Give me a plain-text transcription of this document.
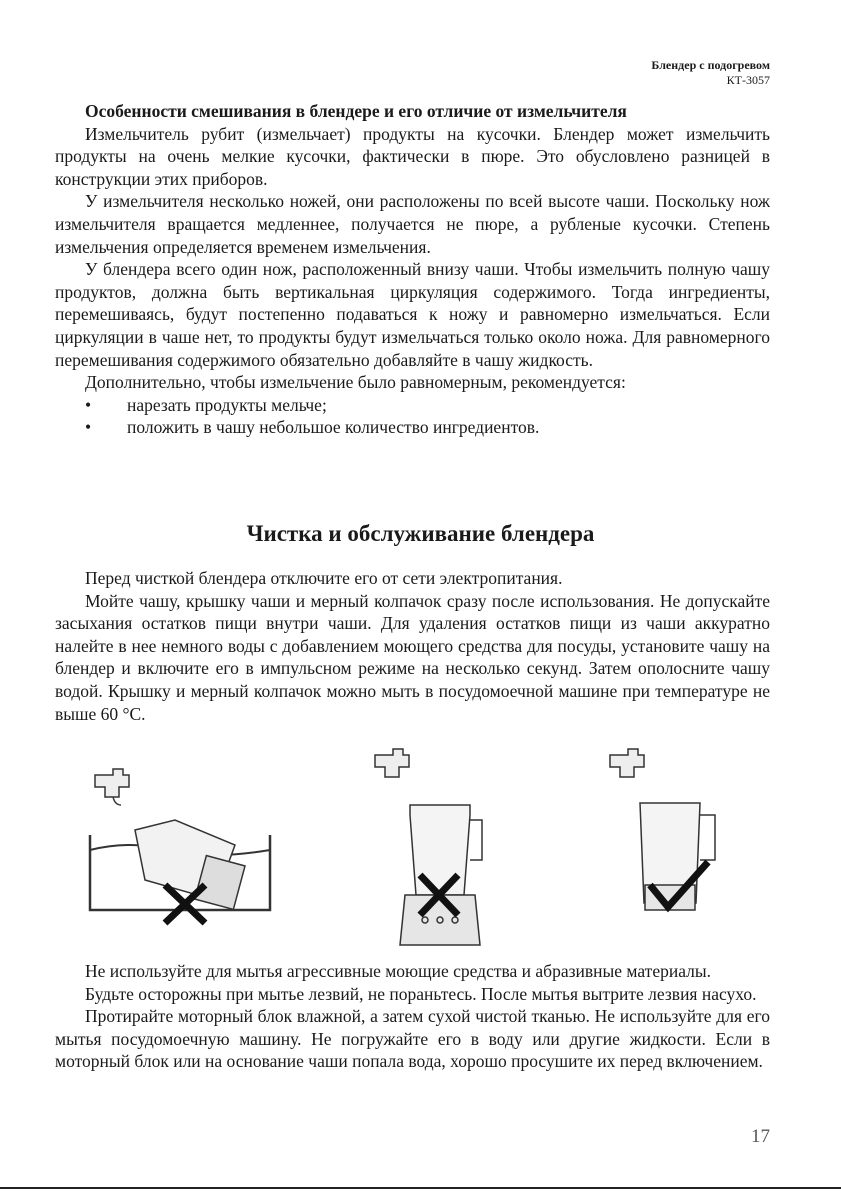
Блендер с подогревом
КТ-3057

Особенности смешивания в блендере и его отличие от измельчителя

Измельчитель рубит (измельчает) продукты на кусочки. Блендер может измельчить продукты на очень мелкие кусочки, фактически в пюре. Это обусловлено разницей в конструкции этих приборов.

У измельчителя несколько ножей, они расположены по всей высоте чаши. Поскольку нож измельчителя вращается медленнее, получается не пюре, а рубленые кусочки. Степень измельчения определяется временем измельчения.

У блендера всего один нож, расположенный внизу чаши. Чтобы измельчить полную чашу продуктов, должна быть вертикальная циркуляция содержимого. Тогда ингредиенты, перемешиваясь, будут постепенно подаваться к ножу и равномерно измельчаться. Если циркуляции в чаше нет, то продукты будут измельчаться только около ножа. Для равномерного перемешивания содержимого обязательно добавляйте в чашу жидкость.

Дополнительно, чтобы измельчение было равномерным, рекомендуется:

• нарезать продукты мельче;
• положить в чашу небольшое количество ингредиентов.
Чистка и обслуживание блендера

Перед чисткой блендера отключите его от сети электропитания.

Мойте чашу, крышку чаши и мерный колпачок сразу после использования. Не допускайте засыхания остатков пищи внутри чаши. Для удаления остатков пищи из чаши аккуратно налейте в нее немного воды с добавлением моющего средства для посуды, установите чашу на блендер и включите его в импульсном режиме на несколько секунд. Затем ополосните чашу водой. Крышку и мерный колпачок можно мыть в посудомоечной машине при температуре не выше 60 °C.

Не используйте для мытья агрессивные моющие средства и абразивные материалы.

Будьте осторожны при мытье лезвий, не пораньтесь. После мытья вытрите лезвия насухо.

Протирайте моторный блок влажной, а затем сухой чистой тканью. Не используйте для его мытья посудомоечную машину. Не погружайте его в воду или другие жидкости. Если в моторный блок или на основание чаши попала вода, хорошо просушите их перед включением.

17
